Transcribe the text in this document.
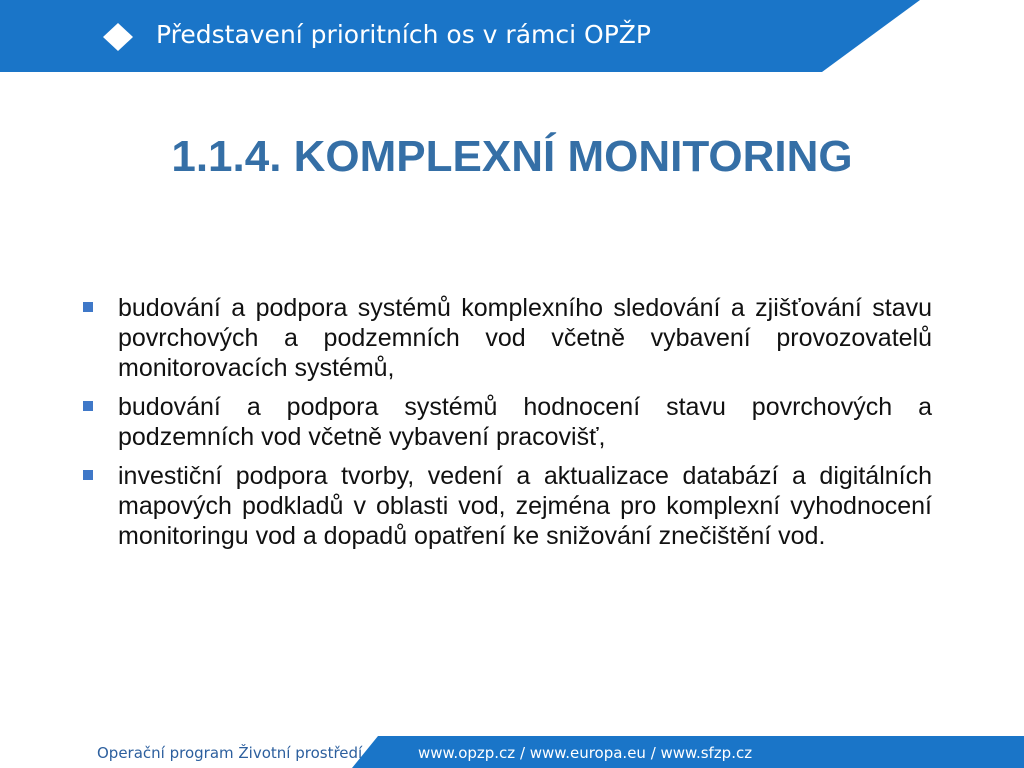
Představení prioritních os v rámci OPŽP
1.1.4. KOMPLEXNÍ MONITORING
budování a podpora systémů komplexního sledování a zjišťování stavu povrchových a podzemních vod včetně vybavení provozovatelů monitorovacích systémů,
budování a podpora systémů hodnocení stavu povrchových a podzemních vod včetně vybavení pracovišť,
investiční podpora tvorby, vedení a aktualizace databází a digitálních mapových podkladů v oblasti vod, zejména pro komplexní vyhodnocení monitoringu vod a dopadů opatření ke snižování znečištění vod.
Operační program Životní prostředí	www.opzp.cz / www.europa.eu / www.sfzp.cz
